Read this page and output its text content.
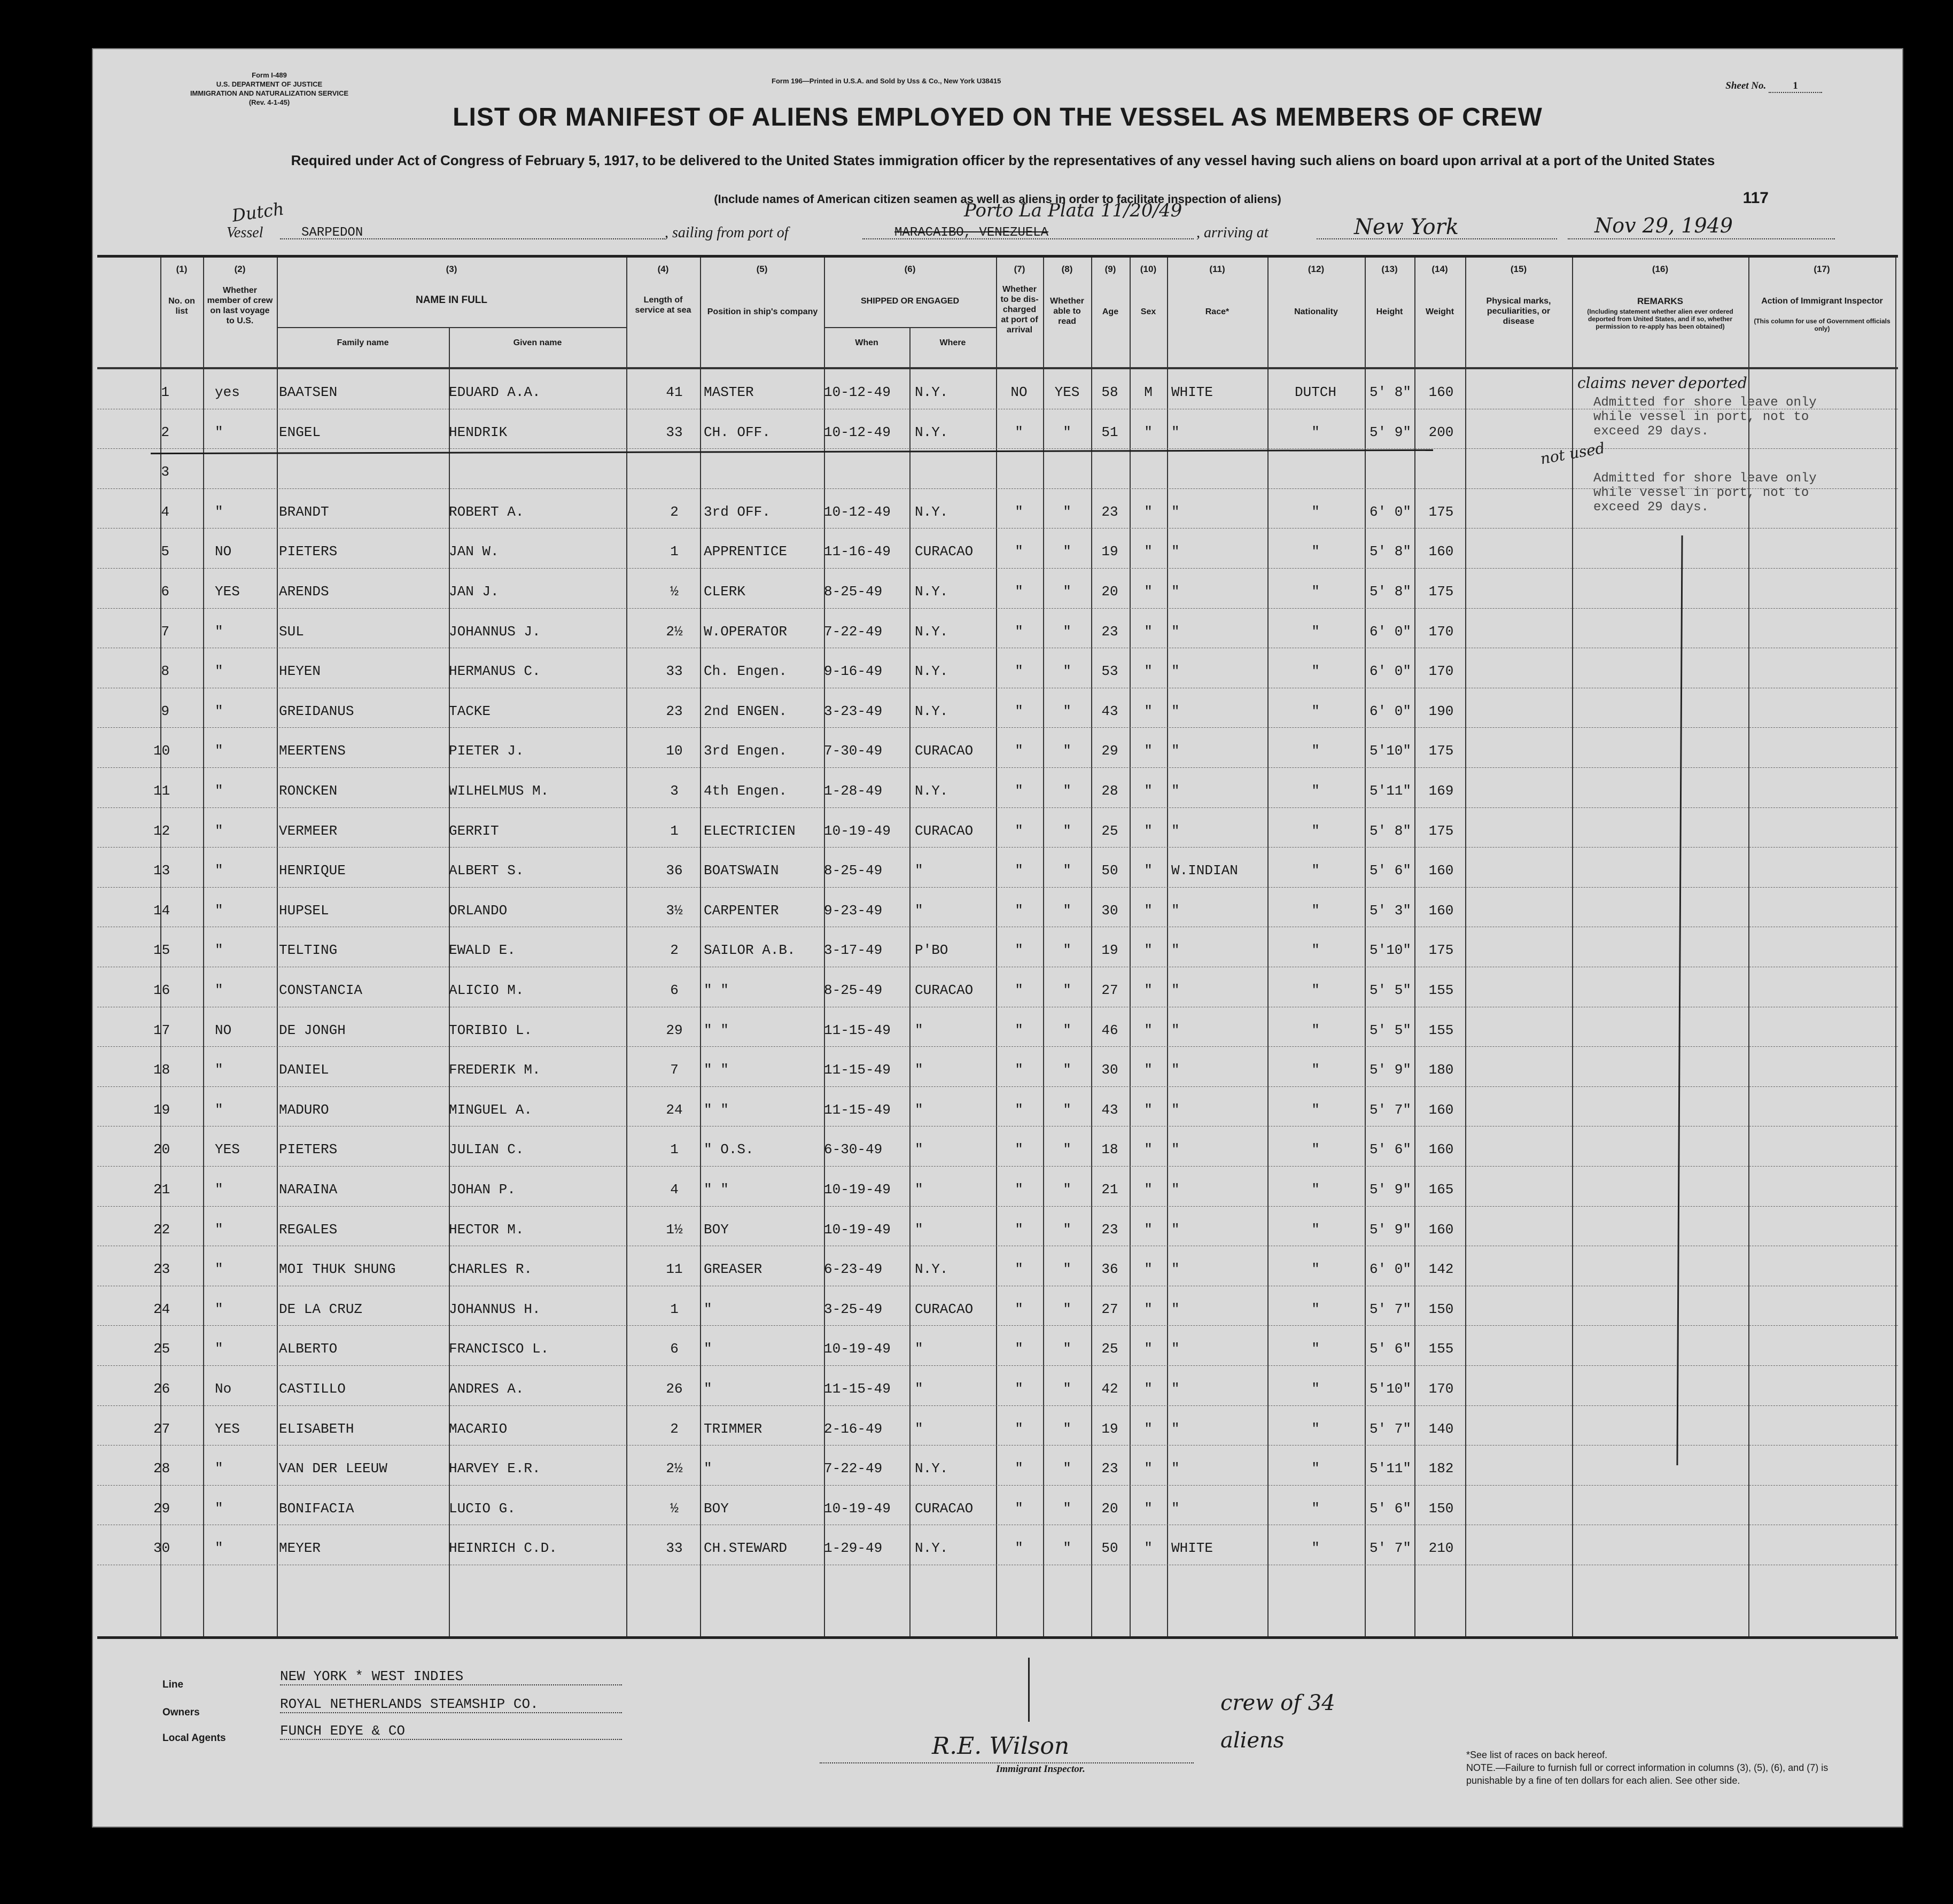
Form I-489
U.S. DEPARTMENT OF JUSTICE
IMMIGRATION AND NATURALIZATION SERVICE
(Rev. 4-1-45)
Form 196—Printed in U.S.A. and Sold by Uss & Co., New York U38415	Sheet No.	1
LIST OR MANIFEST OF ALIENS EMPLOYED ON THE VESSEL AS MEMBERS OF CREW
Required under Act of Congress of February 5, 1917, to be delivered to the United States immigration officer by the representatives of any vessel having such aliens on board upon arrival at a port of the United States
(Include names of American citizen seamen as well as aliens in order to facilitate inspection of aliens)	117
Dutch
Vessel	SARPEDON	, sailing from port of	MARACAIBO, VENEZUELA
Porto La Plata 11/20/49
, arriving at	New York	Nov 29, 1949
(1)
No. on list
(2)
Whether member of crew on last voyage to U.S.
(3)
NAME IN FULL
Family name	Given name
(4)
Length of service at sea
(5)
Position in ship's company
(6)
SHIPPED OR ENGAGED
When	Where
(7)
Whether to be dis-charged at port of arrival
(8)
Whether able to read
(9)
Age
(10)
Sex
(11)
Race*
(12)
Nationality
(13)
Height
(14)
Weight
(15)
Physical marks, peculiarities, or disease
(16)
REMARKS
(Including statement whether alien ever ordered deported from United States, and if so, whether permission to re-apply has been obtained)
(17)
Action of Immigrant Inspector
(This column for use of Government officials only)
1	yes	BAATSEN	EDUARD A.A.	41	MASTER	10-12-49 N.Y.	NO	YES	58	M	WHITE	DUTCH	5' 8"	160
2	"	ENGEL	HENDRIK	33	CH. OFF.	10-12-49 N.Y.	"	"	51	"	"	"	5' 9"	200
3
4	"	BRANDT	ROBERT A.	2	3rd OFF.	10-12-49 N.Y.	"	"	23	"	"	"	6' 0"	175
5	NO	PIETERS	JAN W.	1	APPRENTICE	11-16-49 CURACAO	"	"	19	"	"	"	5' 8"	160
6	YES	ARENDS	JAN J.	½	CLERK	8-25-49 N.Y.	"	"	20	"	"	"	5' 8"	175
7	"	SUL	JOHANNUS J.	2½	W.OPERATOR	7-22-49 N.Y.	"	"	23	"	"	"	6' 0"	170
8	"	HEYEN	HERMANUS C.	33	Ch. Engen.	9-16-49 N.Y.	"	"	53	"	"	"	6' 0"	170
9	"	GREIDANUS	TACKE	23	2nd ENGEN.	3-23-49 N.Y.	"	"	43	"	"	"	6' 0"	190
10	"	MEERTENS	PIETER J.	10	3rd Engen.	7-30-49 CURACAO	"	"	29	"	"	"	5'10"	175
11	"	RONCKEN	WILHELMUS M.	3	4th Engen.	1-28-49 N.Y.	"	"	28	"	"	"	5'11"	169
12	"	VERMEER	GERRIT	1	ELECTRICIEN 10-19-49 CURACAO	"	"	25	"	"	"	5' 8"	175
13	"	HENRIQUE	ALBERT S.	36	BOATSWAIN	8-25-49 "	"	"	50	"	W.INDIAN	"	5' 6"	160
14	"	HUPSEL	ORLANDO	3½	CARPENTER	9-23-49 "	"	"	30	"	"	"	5' 3"	160
15	"	TELTING	EWALD E.	2	SAILOR A.B. 3-17-49 P'BO	"	"	19	"	"	"	5'10"	175
16	"	CONSTANCIA	ALICIO M.	6	" "	8-25-49 CURACAO	"	"	27	"	"	"	5' 5"	155
17	NO	DE JONGH	TORIBIO L.	29	" "	11-15-49 "	"	"	46	"	"	"	5' 5"	155
18	"	DANIEL	FREDERIK M.	7	" "	11-15-49 "	"	"	30	"	"	"	5' 9"	180
19	"	MADURO	MINGUEL A.	24	" "	11-15-49 "	"	"	43	"	"	"	5' 7"	160
20	YES	PIETERS	JULIAN C.	1	" O.S.	6-30-49 "	"	"	18	"	"	"	5' 6"	160
21	"	NARAINA	JOHAN P.	4	" "	10-19-49 "	"	"	21	"	"	"	5' 9"	165
22	"	REGALES	HECTOR M.	1½	BOY	10-19-49 "	"	"	23	"	"	"	5' 9"	160
23	"	MOI THUK SHUNG	CHARLES R.	11	GREASER	6-23-49 N.Y.	"	"	36	"	"	"	6' 0"	142
24	"	DE LA CRUZ	JOHANNUS H.	1	"	3-25-49 CURACAO	"	"	27	"	"	"	5' 7"	150
25	"	ALBERTO	FRANCISCO L.	6	"	10-19-49 "	"	"	25	"	"	"	5' 6"	155
26	No	CASTILLO	ANDRES A.	26	"	11-15-49 "	"	"	42	"	"	"	5'10"	170
27	YES	ELISABETH	MACARIO	2	TRIMMER	2-16-49 "	"	"	19	"	"	"	5' 7"	140
28	"	VAN DER LEEUW	HARVEY E.R.	2½	"	7-22-49 N.Y.	"	"	23	"	"	"	5'11"	182
29	"	BONIFACIA	LUCIO G.	½	BOY	10-19-49 CURACAO	"	"	20	"	"	"	5' 6"	150
30	"	MEYER	HEINRICH C.D.	33	CH.STEWARD	1-29-49 N.Y.	"	"	50	"	WHITE	"	5' 7"	210
claims never deported
Admitted for shore leave only while vessel in port, not to exceed 29 days.
not used
Admitted for shore leave only while vessel in port, not to exceed 29 days.
Line
NEW YORK * WEST INDIES
Owners
ROYAL NETHERLANDS STEAMSHIP CO.
Local Agents	FUNCH EDYE & CO
R.E. Wilson
Immigrant Inspector.
crew of 34 aliens
*See list of races on back hereof.
NOTE.—Failure to furnish full or correct information in columns (3), (5), (6), and (7) is punishable by a fine of ten dollars for each alien. See other side.
